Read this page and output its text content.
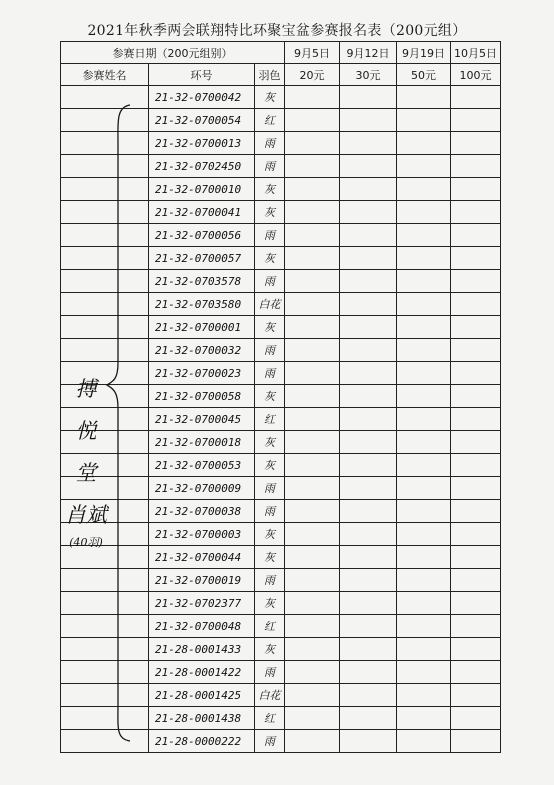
2021年秋季两会联翔特比环聚宝盆参赛报名表（200元组）
参赛日期（200元组别）			9月5日	9月12日	9月19日	10月5日
参赛姓名	环号	羽色	20元	30元	50元	100元
	21-32-0700042	灰				
	21-32-0700054	红				
	21-32-0700013	雨				
	21-32-0702450	雨				
	21-32-0700010	灰				
	21-32-0700041	灰				
	21-32-0700056	雨				
	21-32-0700057	灰				
	21-32-0703578	雨				
	21-32-0703580	白花				
	21-32-0700001	灰				
	21-32-0700032	雨				
	21-32-0700023	雨				
	21-32-0700058	灰				
	21-32-0700045	红				
	21-32-0700018	灰				
	21-32-0700053	灰				
	21-32-0700009	雨				
	21-32-0700038	雨				
	21-32-0700003	灰				
	21-32-0700044	灰				
	21-32-0700019	雨				
	21-32-0702377	灰				
	21-32-0700048	红				
	21-28-0001433	灰				
	21-28-0001422	雨				
	21-28-0001425	白花				
	21-28-0001438	红				
	21-28-0000222	雨				
搏
悦
堂
肖斌
(40羽)
